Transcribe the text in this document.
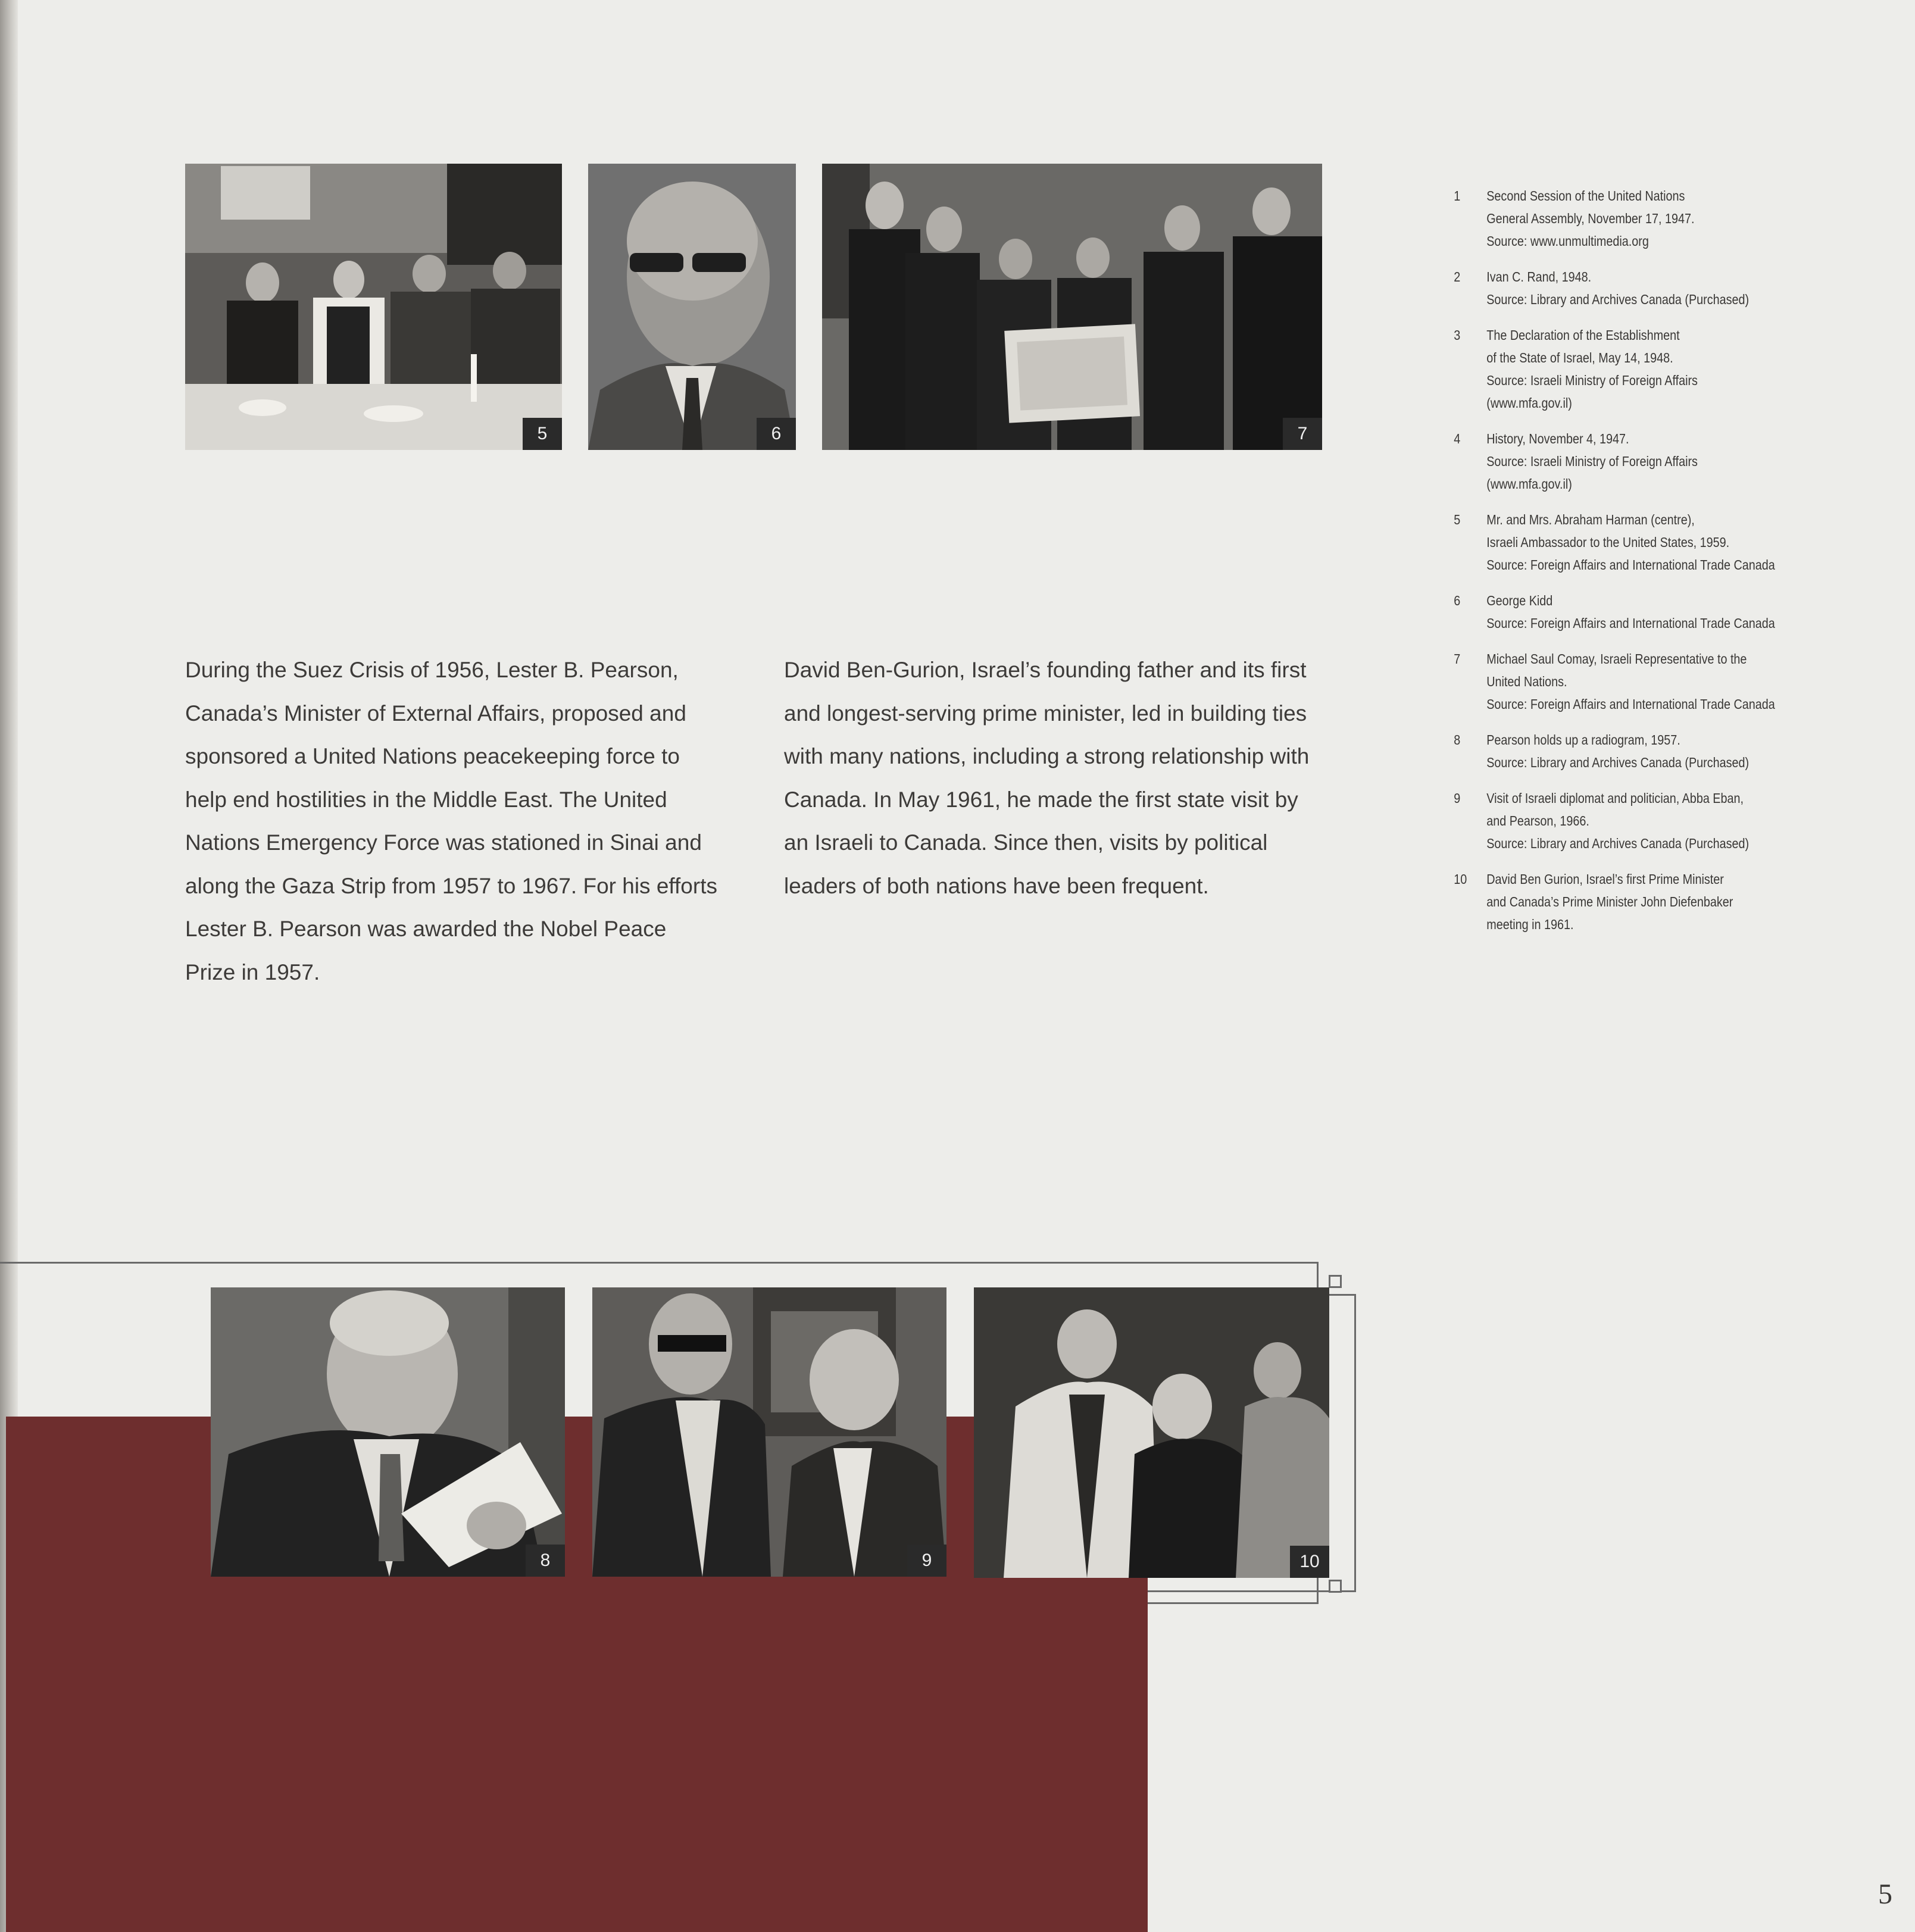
5	6	7

During the Suez Crisis of 1956, Lester B. Pearson, Canada’s Minister of External Affairs, proposed and sponsored a United Nations peacekeeping force to help end hostilities in the Middle East. The United Nations Emergency Force was stationed in Sinai and along the Gaza Strip from 1957 to 1967. For his efforts Lester B. Pearson was awarded the Nobel Peace Prize in 1957.

David Ben-Gurion, Israel’s founding father and its first and longest-serving prime minister, led in building ties with many nations, including a strong relationship with Canada. In May 1961, he made the first state visit by an Israeli to Canada. Since then, visits by political leaders of both nations have been frequent.

1 Second Session of the United Nations
General Assembly, November 17, 1947.
Source: www.unmultimedia.org
2 Ivan C. Rand, 1948.
Source: Library and Archives Canada (Purchased)
3 The Declaration of the Establishment
of the State of Israel, May 14, 1948.
Source: Israeli Ministry of Foreign Affairs
(www.mfa.gov.il)
4 History, November 4, 1947.
Source: Israeli Ministry of Foreign Affairs
(www.mfa.gov.il)
5 Mr. and Mrs. Abraham Harman (centre),
Israeli Ambassador to the United States, 1959.
Source: Foreign Affairs and International Trade Canada
6 George Kidd
Source: Foreign Affairs and International Trade Canada
7 Michael Saul Comay, Israeli Representative to the
United Nations.
Source: Foreign Affairs and International Trade Canada
8 Pearson holds up a radiogram, 1957.
Source: Library and Archives Canada (Purchased)
9 Visit of Israeli diplomat and politician, Abba Eban,
and Pearson, 1966.
Source: Library and Archives Canada (Purchased)
10 David Ben Gurion, Israel’s first Prime Minister
and Canada’s Prime Minister John Diefenbaker
meeting in 1961.
8	9	10
5
